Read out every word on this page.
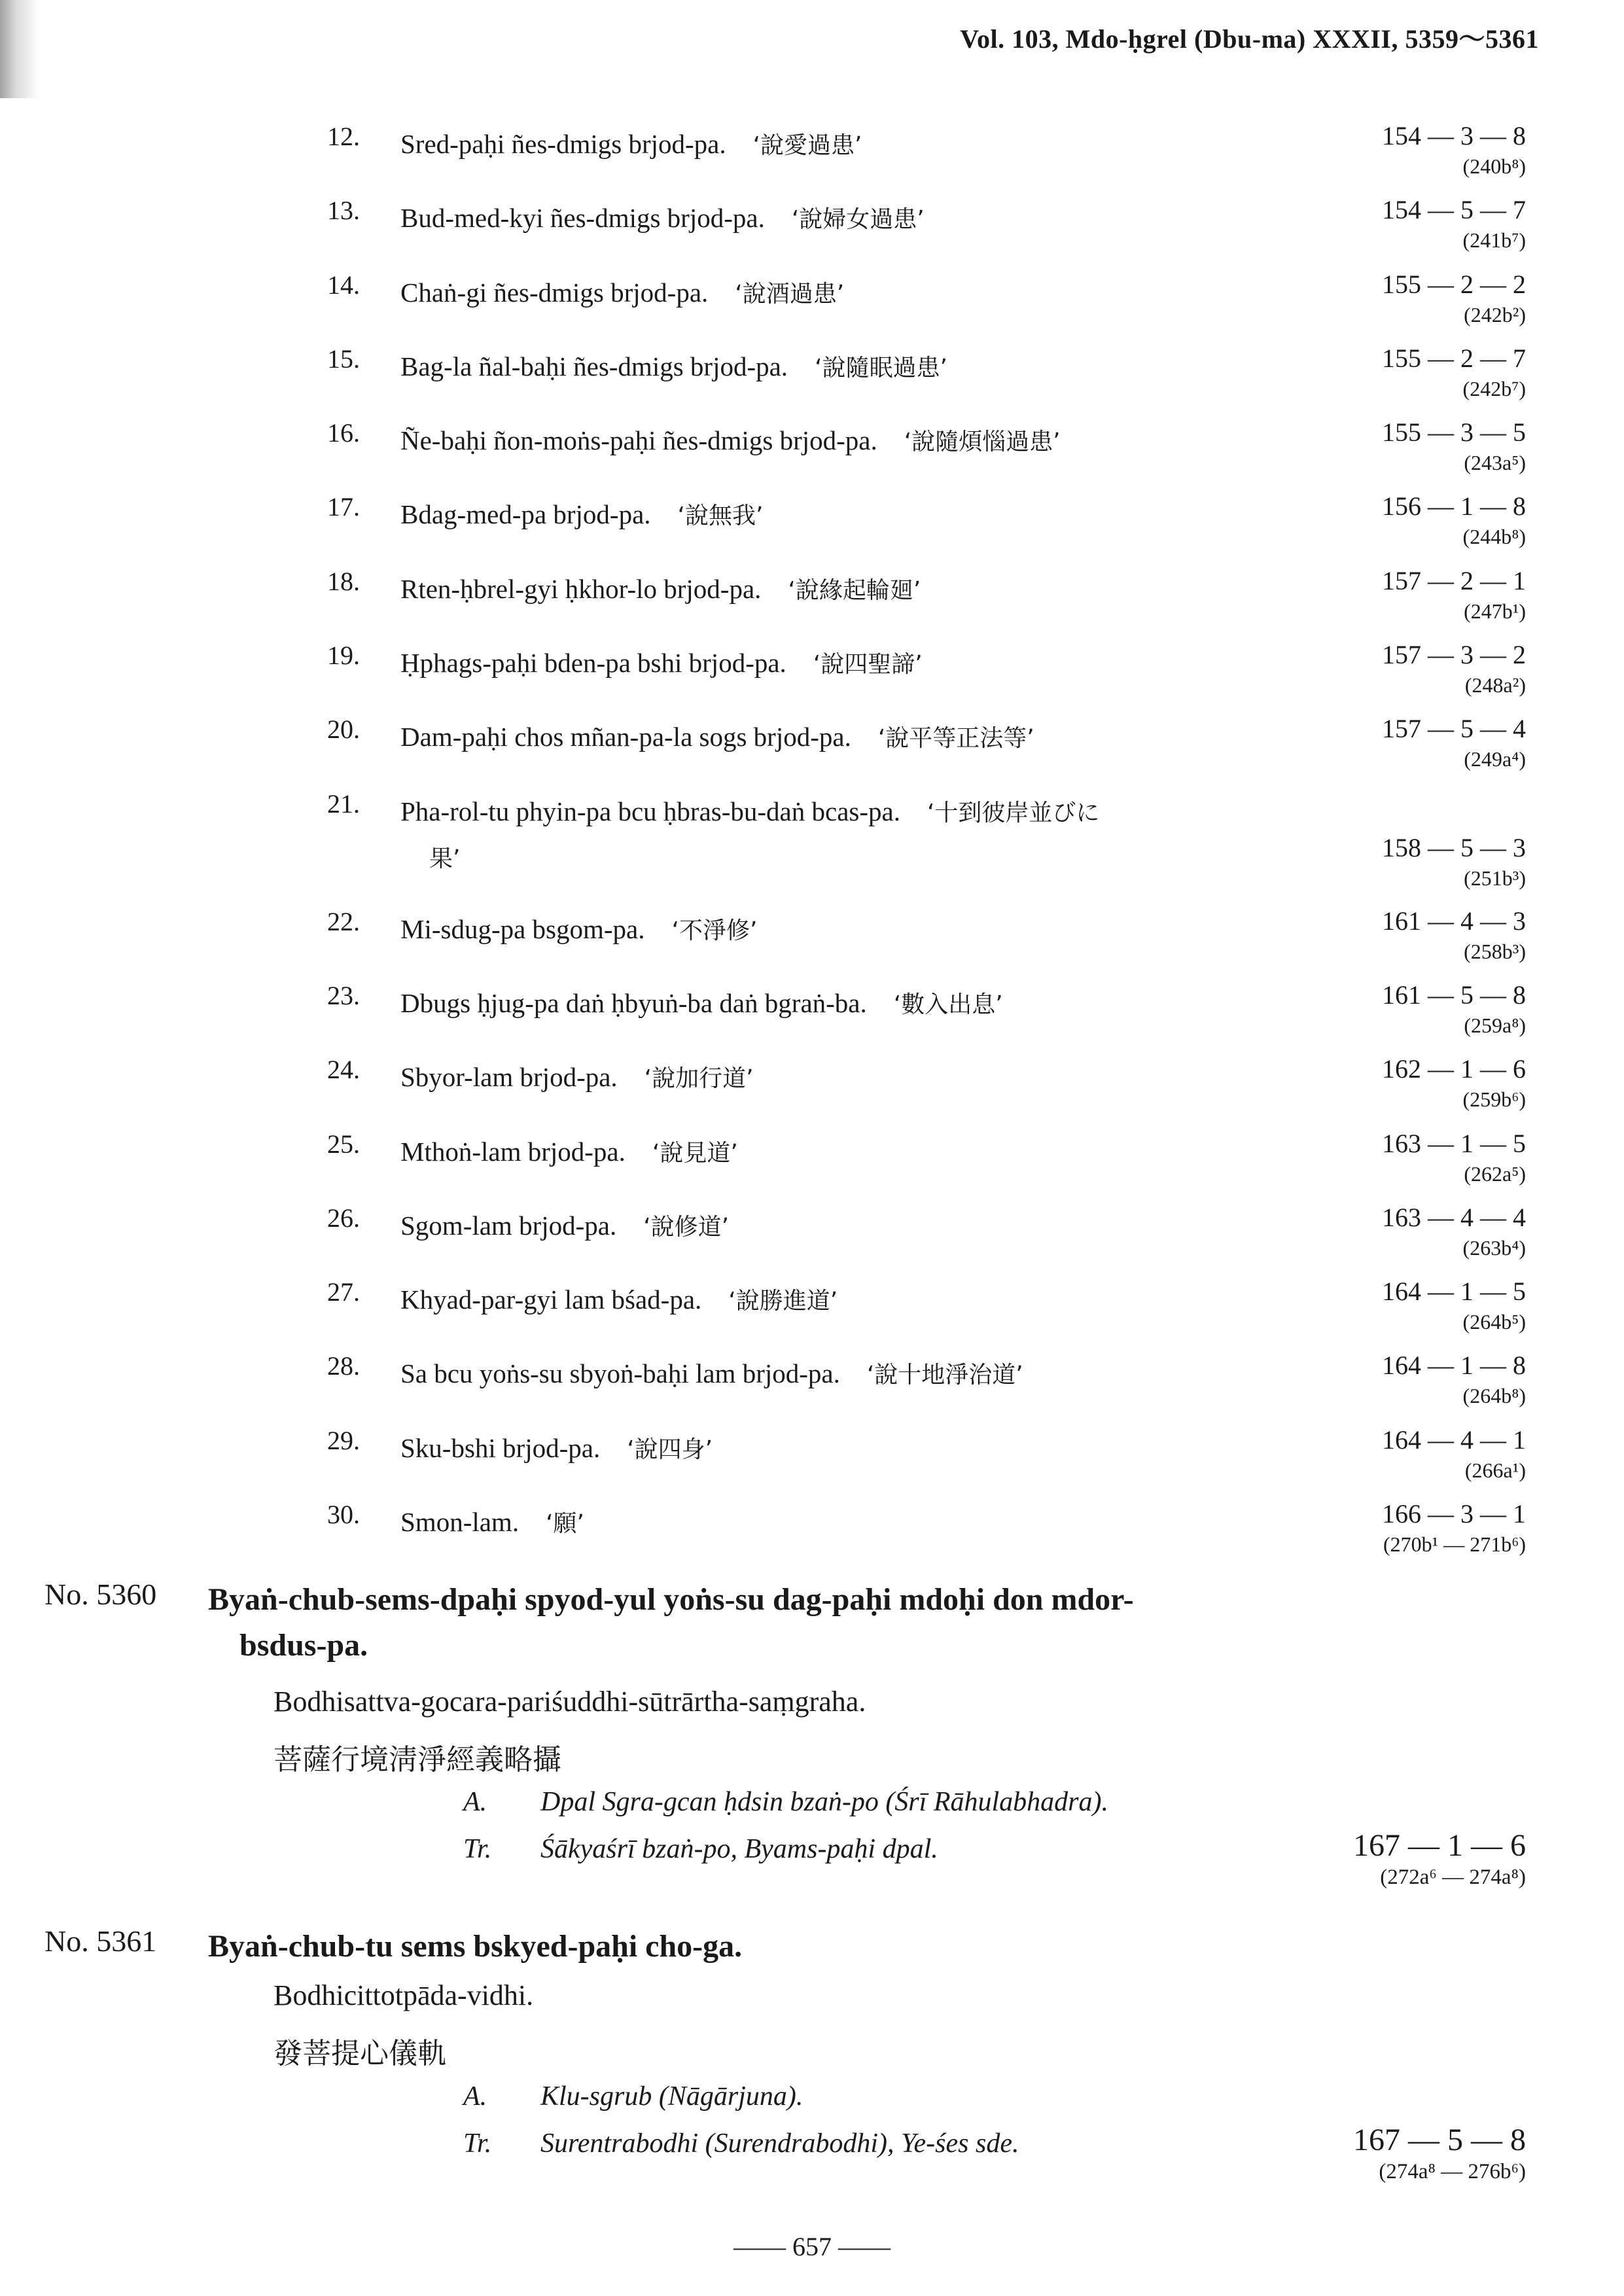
Vol. 103, Mdo-ḥgrel (Dbu-ma) XXXII, 5359〜5361
12. Sred-paḥi ñes-dmigs brjod-pa.  ‘說愛過患’	154 — 3 — 8
(240b⁸)
13. Bud-med-kyi ñes-dmigs brjod-pa.  ‘說婦女過患’	154 — 5 — 7
(241b⁷)
14. Chaṅ-gi ñes-dmigs brjod-pa.  ‘說酒過患’	155 — 2 — 2
(242b²)
15. Bag-la ñal-baḥi ñes-dmigs brjod-pa.  ‘說隨眠過患’	155 — 2 — 7
(242b⁷)
16. Ñe-baḥi ñon-moṅs-paḥi ñes-dmigs brjod-pa.  ‘說隨煩惱過患’	155 — 3 — 5
(243a⁵)
17. Bdag-med-pa brjod-pa.  ‘說無我’	156 — 1 — 8
(244b⁸)
18. Rten-ḥbrel-gyi ḥkhor-lo brjod-pa.  ‘說緣起輪廻’	157 — 2 — 1
(247b¹)
19. Ḥphags-paḥi bden-pa bshi brjod-pa.  ‘說四聖諦’	157 — 3 — 2
(248a²)
20. Dam-paḥi chos mñan-pa-la sogs brjod-pa.  ‘說平等正法等’	157 — 5 — 4
(249a⁴)
21. Pha-rol-tu phyin-pa bcu ḥbras-bu-daṅ bcas-pa.  ‘十到彼岸並びに
果’	158 — 5 — 3
(251b³)
22. Mi-sdug-pa bsgom-pa.  ‘不淨修’	161 — 4 — 3
(258b³)
23. Dbugs ḥjug-pa daṅ ḥbyuṅ-ba daṅ bgraṅ-ba.  ‘數入出息’	161 — 5 — 8
(259a⁸)
24. Sbyor-lam brjod-pa.  ‘說加行道’	162 — 1 — 6
(259b⁶)
25. Mthoṅ-lam brjod-pa.  ‘說見道’	163 — 1 — 5
(262a⁵)
26. Sgom-lam brjod-pa.  ‘說修道’	163 — 4 — 4
(263b⁴)
27. Khyad-par-gyi lam bśad-pa.  ‘說勝進道’	164 — 1 — 5
(264b⁵)
28. Sa bcu yoṅs-su sbyoṅ-baḥi lam brjod-pa.  ‘說十地淨治道’	164 — 1 — 8
(264b⁸)
29. Sku-bshi brjod-pa.  ‘說四身’	164 — 4 — 1
(266a¹)
30. Smon-lam.  ‘願’	166 — 3 — 1
(270b¹ — 271b⁶)
No. 5360 Byaṅ-chub-sems-dpaḥi spyod-yul yoṅs-su dag-paḥi mdoḥi don mdor-
bsdus-pa.
Bodhisattva-gocara-pariśuddhi-sūtrārtha-saṃgraha.
菩薩行境淸淨經義略攝
A. Dpal Sgra-gcan ḥdsin bzaṅ-po (Śrī Rāhulabhadra).
Tr. Śākyaśrī bzaṅ-po, Byams-paḥi dpal.	167 — 1 — 6
(272a⁶ — 274a⁸)
No. 5361 Byaṅ-chub-tu sems bskyed-paḥi cho-ga.
Bodhicittotpāda-vidhi.
發菩提心儀軌
A. Klu-sgrub (Nāgārjuna).
Tr. Surentrabodhi (Surendrabodhi), Ye-śes sde.	167 — 5 — 8
(274a⁸ — 276b⁶)
—— 657 ——
